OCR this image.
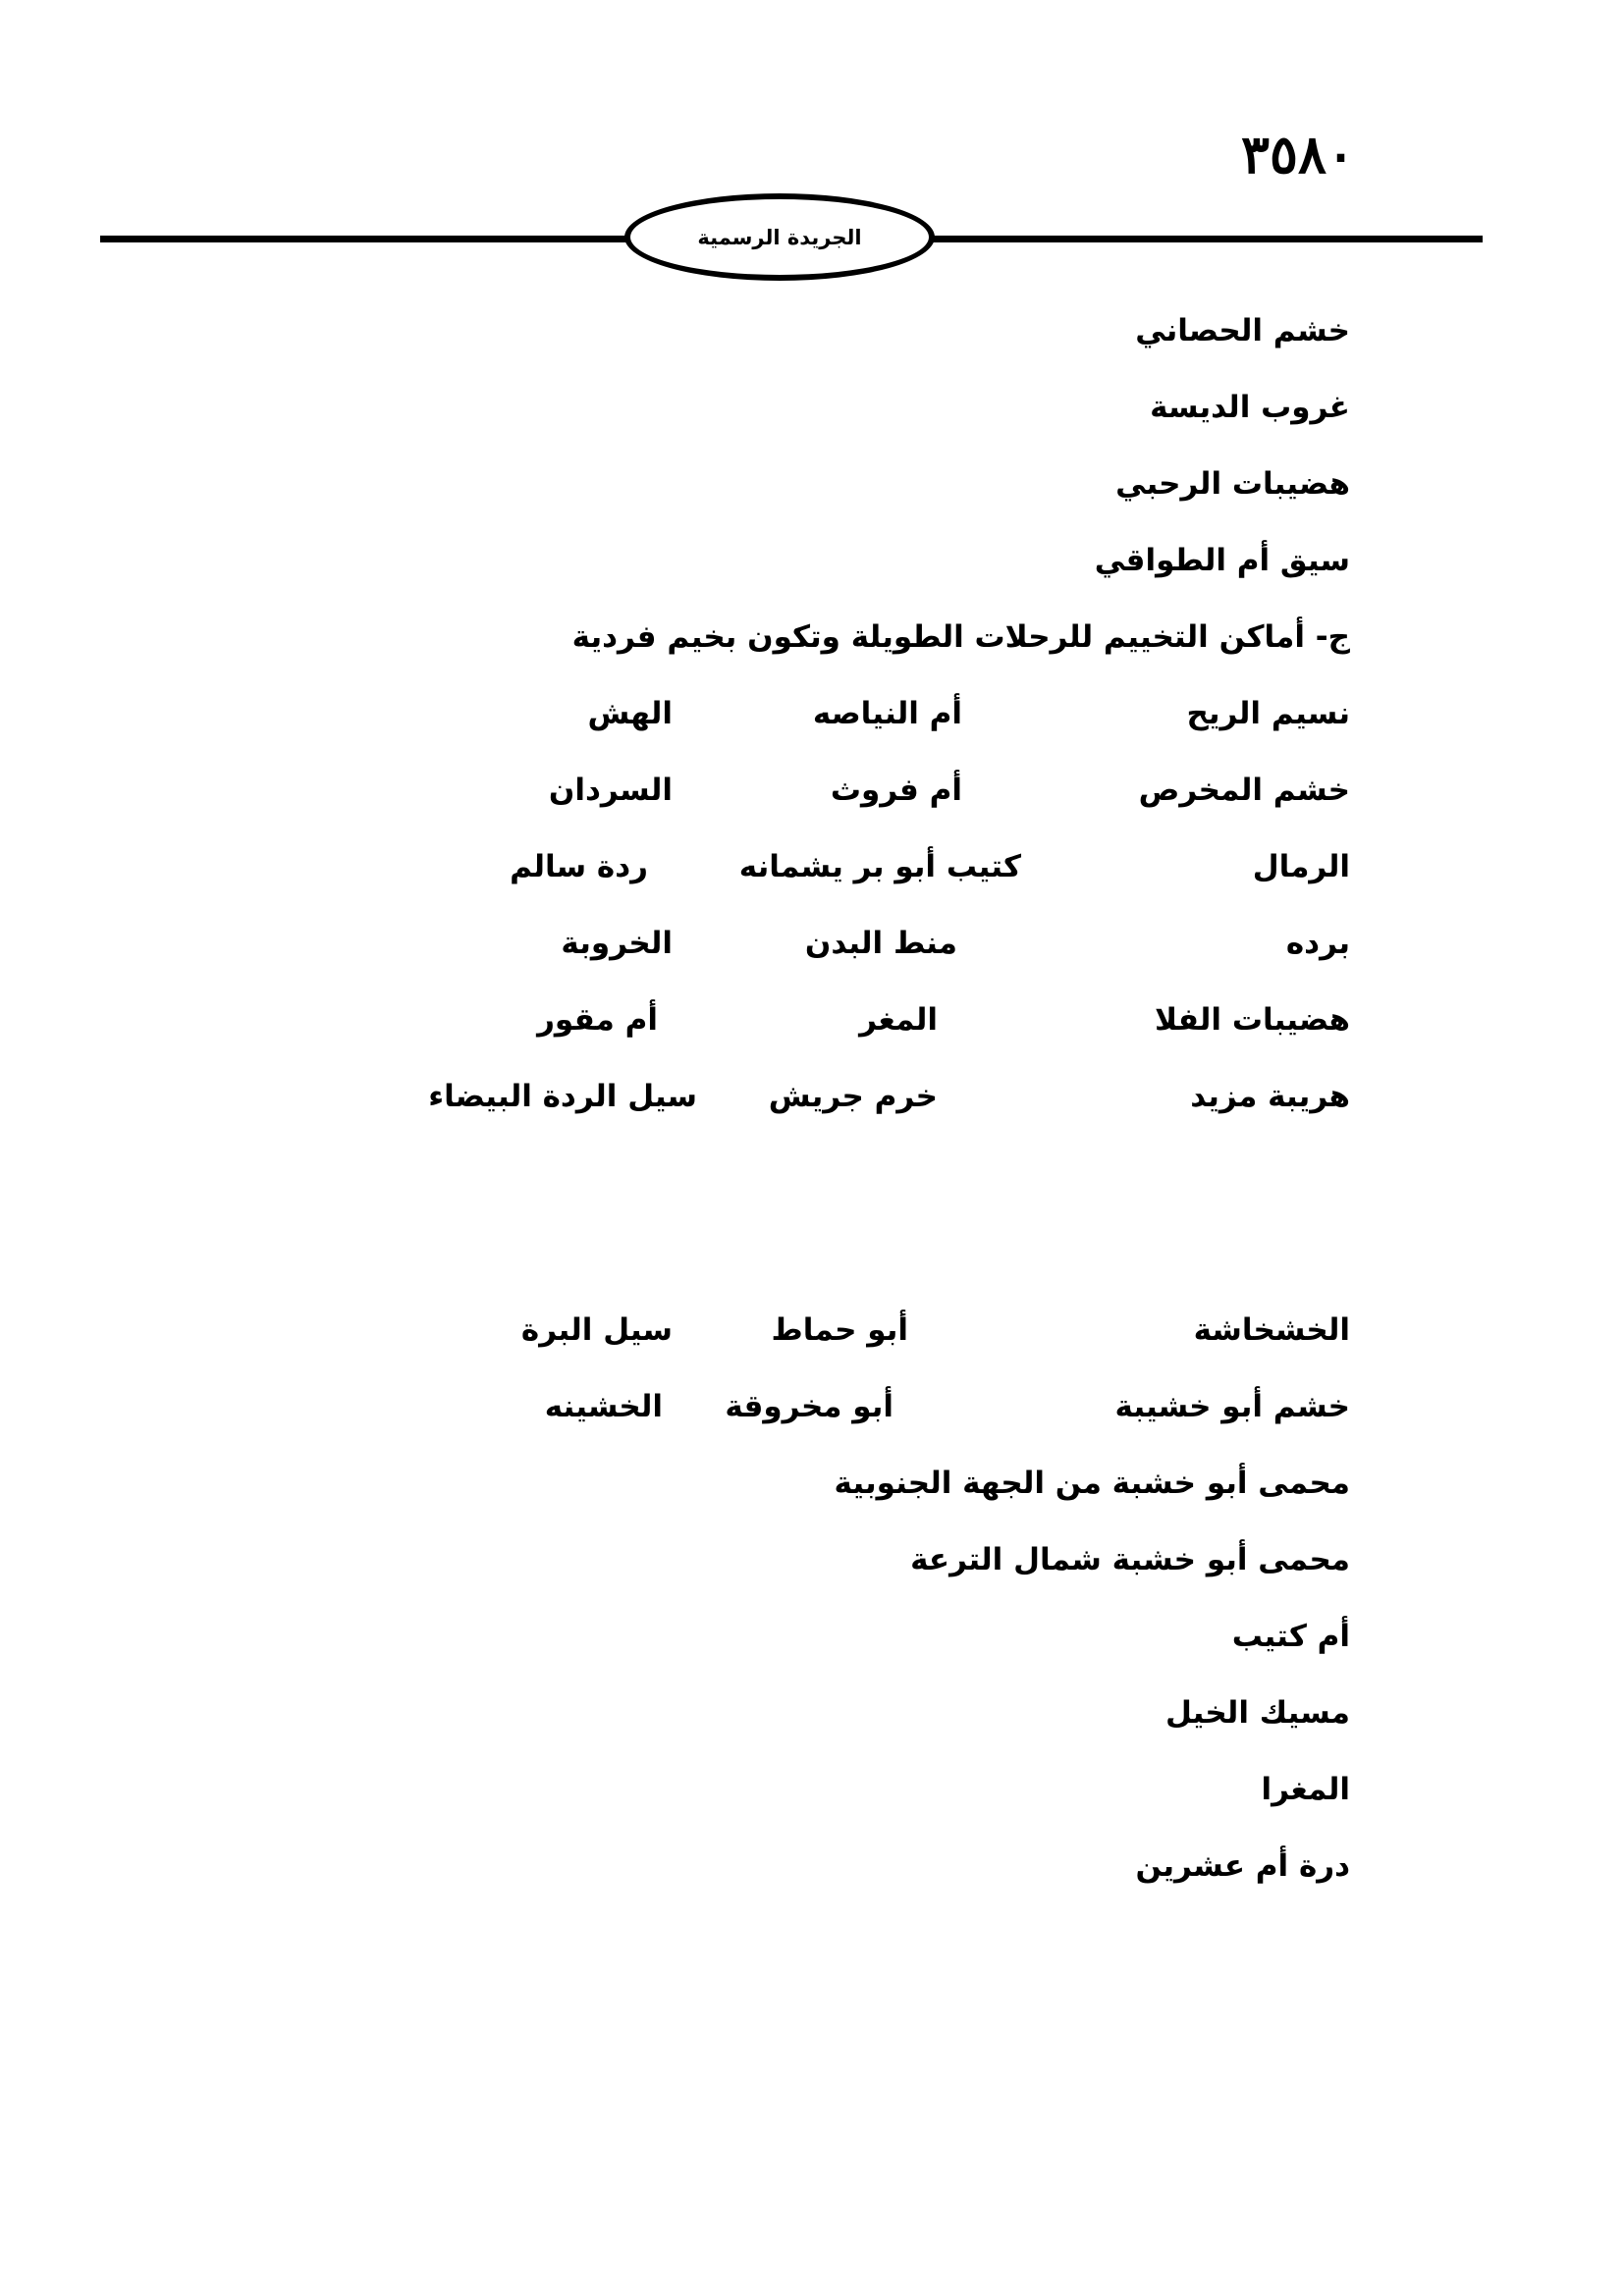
٣٥٨٠
الجريدة الرسمية
خشم الحصاني
غروب الديسة
هضيبات الرحبي
سيق أم الطواقي
ج- أماكن التخييم للرحلات الطويلة وتكون بخيم فردية
نسيم الريح
أم النياصه
الهش
خشم المخرص
أم فروث
السردان
الرمال
كتيب أبو بر يشمانه
ردة سالم
برده
منط البدن
الخروبة
هضيبات الفلا
المغر
أم مقور
هريبة مزيد
خرم جريش
سيل الردة البيضاء
الخشخاشة
أبو حماط
سيل البرة
خشم أبو خشيبة
أبو مخروقة
الخشينه
محمى أبو خشبة من الجهة الجنوبية
محمى أبو خشبة شمال الترعة
أم كتيب
مسيك الخيل
المغرا
درة أم عشرين
